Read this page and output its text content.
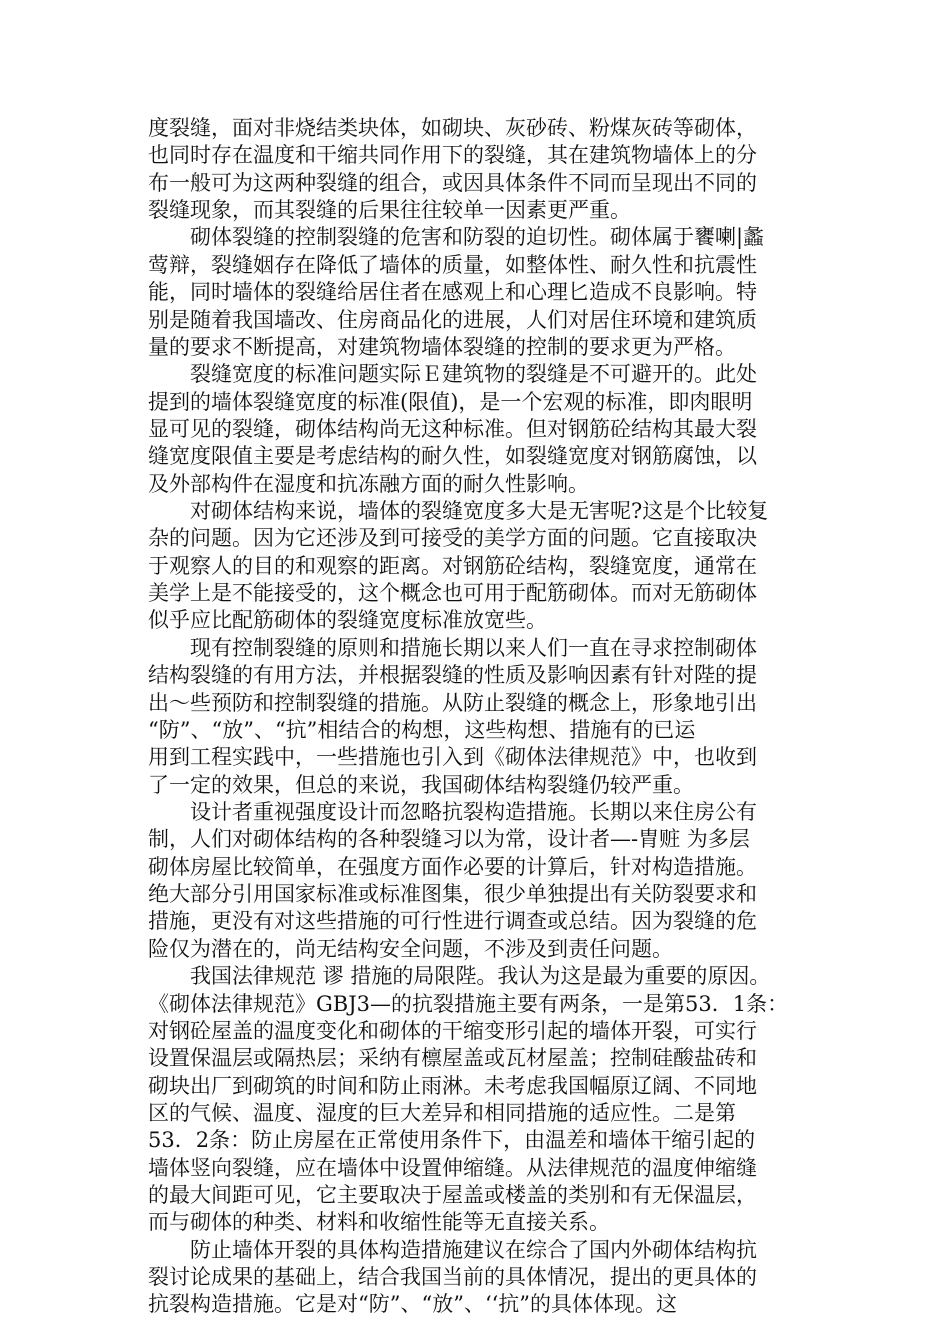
度裂缝，面对非烧结类块体，如砌块、灰砂砖、粉煤灰砖等砌体，
也同时存在温度和干缩共同作用下的裂缝，其在建筑物墙体上的分
布一般可为这两种裂缝的组合，或因具体条件不同而呈现出不同的
裂缝现象，而其裂缝的后果往往较单一因素更严重。
　　砌体裂缝的控制裂缝的危害和防裂的迫切性。砌体属于饔喇|蠡
莺辩，裂缝姻存在降低了墙体的质量，如整体性、耐久性和抗震性
能，同时墙体的裂缝给居住者在感观上和心理匕造成不良影响。特
别是随着我国墙改、住房商品化的进展，人们对居住环境和建筑质
量的要求不断提高，对建筑物墙体裂缝的控制的要求更为严格。
　　裂缝宽度的标准问题实际Ｅ建筑物的裂缝是不可避开的。此处
提到的墙体裂缝宽度的标准(限值)，是一个宏观的标准，即肉眼明
显可见的裂缝，砌体结构尚无这种标准。但对钢筋砼结构其最大裂
缝宽度限值主要是考虑结构的耐久性，如裂缝宽度对钢筋腐蚀，以
及外部构件在湿度和抗冻融方面的耐久性影响。
　　对砌体结构来说，墙体的裂缝宽度多大是无害呢?这是个比较复
杂的问题。因为它还涉及到可接受的美学方面的问题。它直接取决
于观察人的目的和观察的距离。对钢筋砼结构，裂缝宽度，通常在
美学上是不能接受的，这个概念也可用于配筋砌体。而对无筋砌体
似乎应比配筋砌体的裂缝宽度标准放宽些。
　　现有控制裂缝的原则和措施长期以来人们一直在寻求控制砌体
结构裂缝的有用方法，并根据裂缝的性质及影响因素有针对陛的提
出～些预防和控制裂缝的措施。从防止裂缝的概念上，形象地引出
“防”、“放”、“抗”相结合的构想，这些构想、措施有的已运
用到工程实践中，一些措施也引入到《砌体法律规范》中，也收到
了一定的效果，但总的来说，我国砌体结构裂缝仍较严重。
　　设计者重视强度设计而忽略抗裂构造措施。长期以来住房公有
制，人们对砌体结构的各种裂缝习以为常，设计者—-胄赃 为多层
砌体房屋比较简单，在强度方面作必要的计算后，针对构造措施。
绝大部分引用国家标准或标准图集，很少单独提出有关防裂要求和
措施，更没有对这些措施的可行性进行调查或总结。因为裂缝的危
险仅为潜在的，尚无结构安全问题，不涉及到责任问题。
　　我国法律规范 谬 措施的局限陛。我认为这是最为重要的原因。
《砌体法律规范》GBJ3—的抗裂措施主要有两条，一是第53．1条：
对钢砼屋盖的温度变化和砌体的干缩变形引起的墙体开裂，可实行
设置保温层或隔热层；采纳有檩屋盖或瓦材屋盖；控制硅酸盐砖和
砌块出厂到砌筑的时间和防止雨淋。未考虑我国幅原辽阔、不同地
区的气候、温度、湿度的巨大差异和相同措施的适应性。二是第
53．2条：防止房屋在正常使用条件下，由温差和墙体干缩引起的
墙体竖向裂缝，应在墙体中设置伸缩缝。从法律规范的温度伸缩缝
的最大间距可见，它主要取决于屋盖或楼盖的类别和有无保温层，
而与砌体的种类、材料和收缩性能等无直接关系。
　　防止墙体开裂的具体构造措施建议在综合了国内外砌体结构抗
裂讨论成果的基础上，结合我国当前的具体情况，提出的更具体的
抗裂构造措施。它是对“防”、“放”、‘‘抗”的具体体现。这
